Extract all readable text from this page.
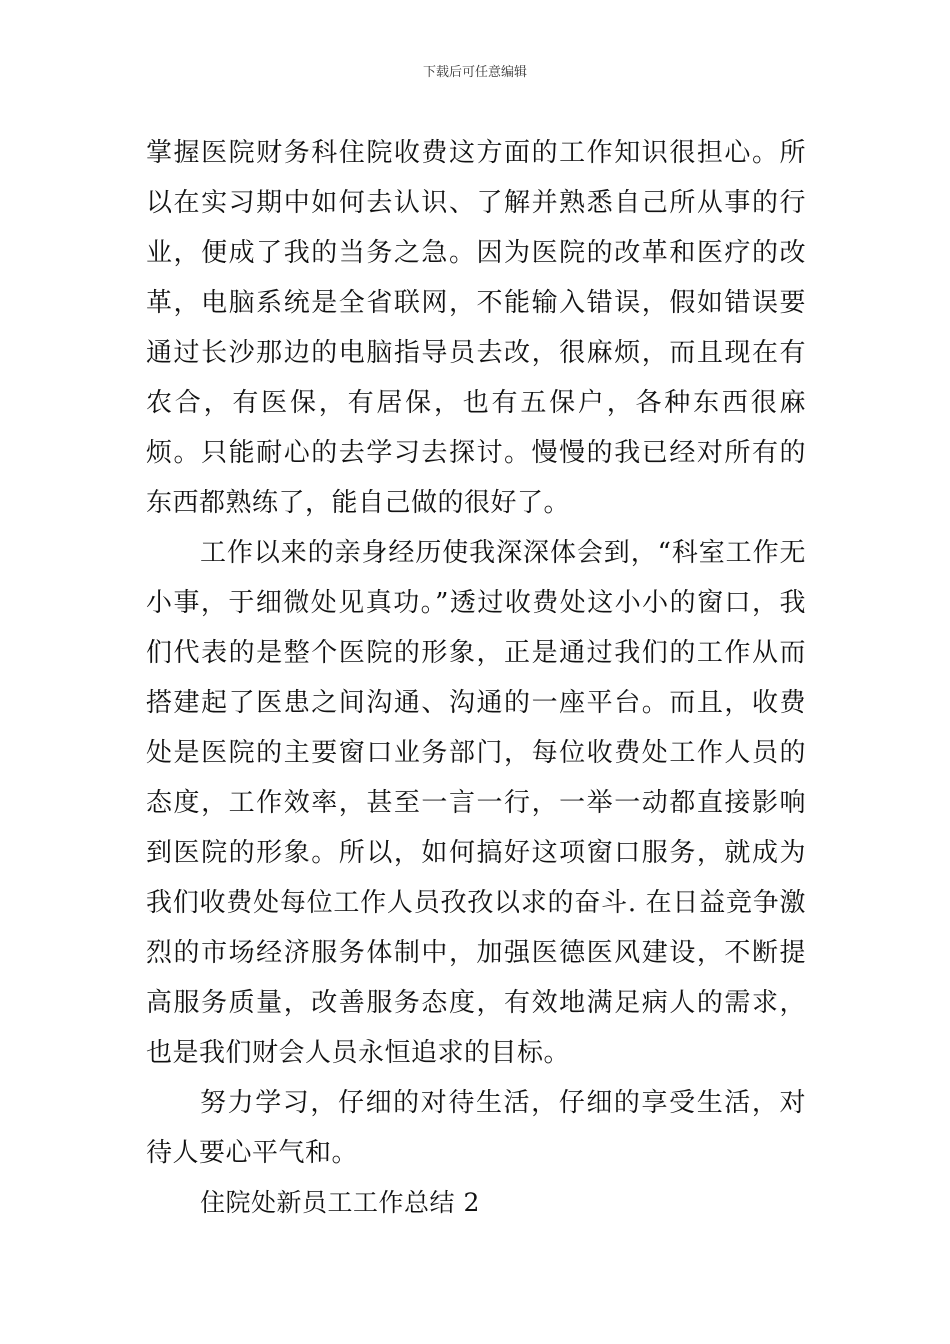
下载后可任意编辑

掌握医院财务科住院收费这方面的工作知识很担心。所以在实习期中如何去认识、了解并熟悉自己所从事的行业，便成了我的当务之急。因为医院的改革和医疗的改革，电脑系统是全省联网，不能输入错误，假如错误要通过长沙那边的电脑指导员去改，很麻烦，而且现在有农合，有医保，有居保，也有五保户，各种东西很麻烦。只能耐心的去学习去探讨。慢慢的我已经对所有的东西都熟练了，能自己做的很好了。

工作以来的亲身经历使我深深体会到，“科室工作无小事，于细微处见真功。”透过收费处这小小的窗口，我们代表的是整个医院的形象，正是通过我们的工作从而搭建起了医患之间沟通、沟通的一座平台。而且，收费处是医院的主要窗口业务部门，每位收费处工作人员的态度，工作效率，甚至一言一行，一举一动都直接影响到医院的形象。所以，如何搞好这项窗口服务，就成为我们收费处每位工作人员孜孜以求的奋斗. 在日益竞争激烈的市场经济服务体制中，加强医德医风建设，不断提高服务质量，改善服务态度，有效地满足病人的需求，也是我们财会人员永恒追求的目标。

努力学习，仔细的对待生活，仔细的享受生活，对待人要心平气和。

住院处新员工工作总结 2
